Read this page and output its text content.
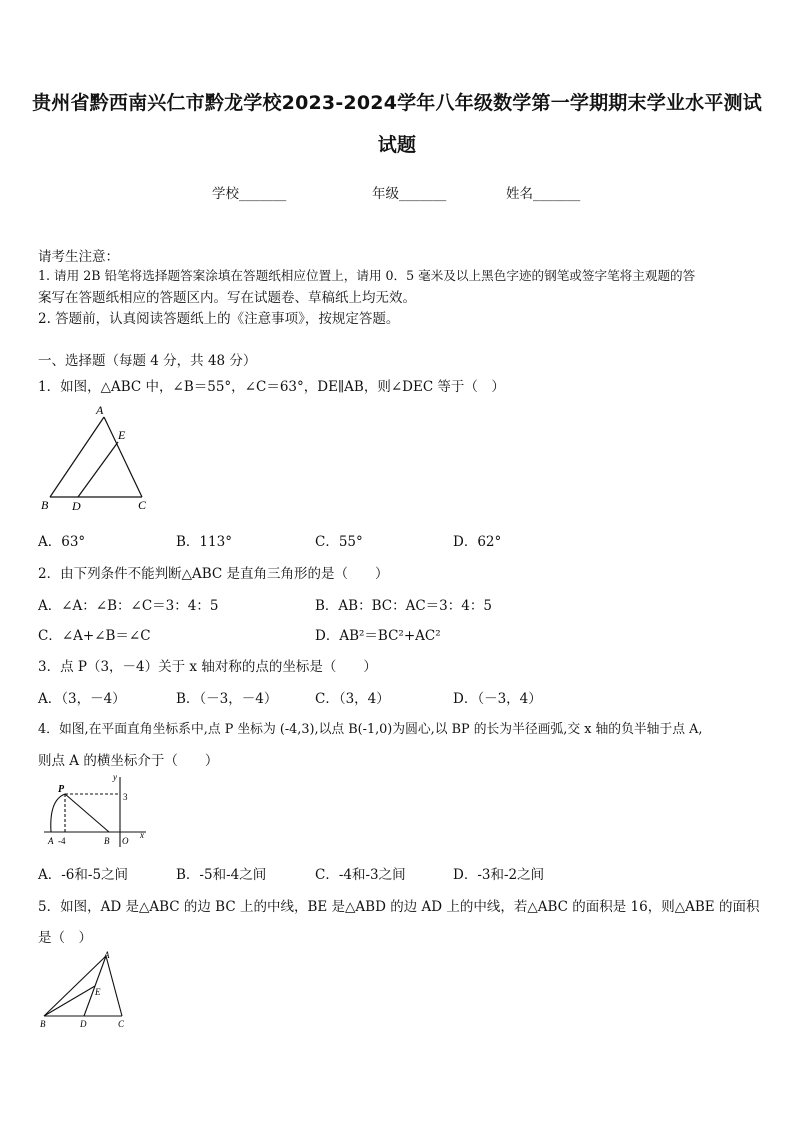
贵州省黔西南兴仁市黔龙学校2023-2024学年八年级数学第一学期期末学业水平测试
试题
学校_______	年级_______	姓名_______
请考生注意：
1. 请用 2B 铅笔将选择题答案涂填在答题纸相应位置上，请用 0．5 毫米及以上黑色字迹的钢笔或签字笔将主观题的答
案写在答题纸相应的答题区内。写在试题卷、草稿纸上均无效。
2. 答题前，认真阅读答题纸上的《注意事项》，按规定答题。
一、选择题（每题 4 分，共 48 分）
1．如图，△ABC 中，∠B＝55°，∠C＝63°，DE∥AB，则∠DEC 等于（　）
A
E
B D	C
A．63°	B．113°	C．55°	D．62°
2．由下列条件不能判断△ABC 是直角三角形的是（　　）
A．∠A：∠B：∠C＝3：4：5	B．AB：BC：AC＝3：4：5
C．∠A+∠B＝∠C	D．AB²＝BC²+AC²
3．点 P（3，－4）关于 x 轴对称的点的坐标是（　　）
A．（3，－4）	B．（－3，－4）	C．（3，4）	D．（－3，4）
4．如图,在平面直角坐标系中,点 P 坐标为 (-4,3),以点 B(-1,0)为圆心,以 BP 的长为半径画弧,交 x 轴的负半轴于点 A,
则点 A 的横坐标介于（　　）
y
P
3
x
A -4	B O
A．-6和-5之间	B．-5和-4之间	C．-4和-3之间	D．-3和-2之间
5．如图，AD 是△ABC 的边 BC 上的中线，BE 是△ABD 的边 AD 上的中线，若△ABC 的面积是 16，则△ABE 的面积
是（　）
A
E
B	D	C
